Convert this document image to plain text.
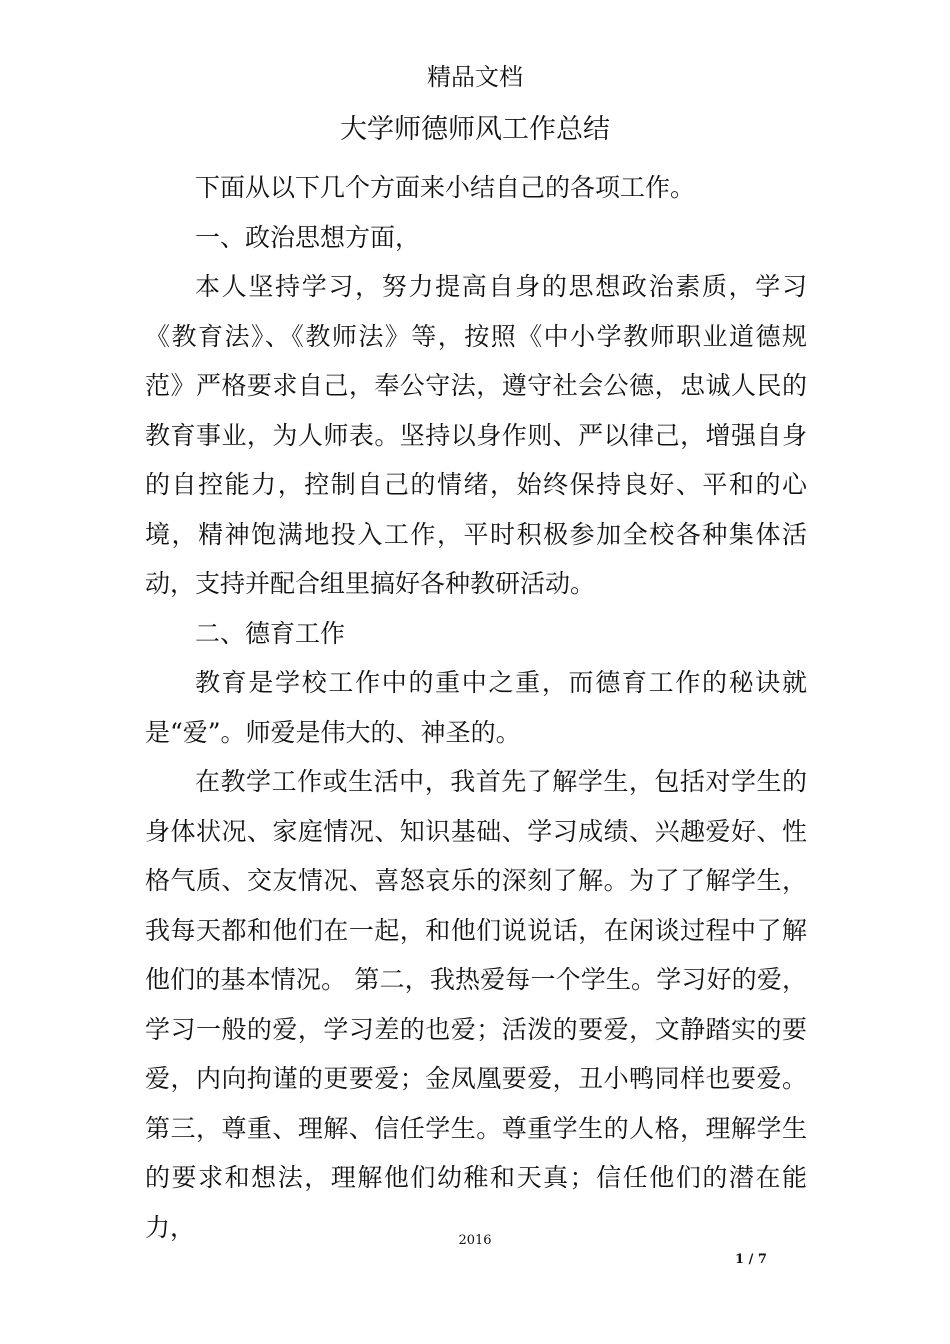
精品文档
大学师德师风工作总结

下面从以下几个方面来小结自己的各项工作。

一、政治思想方面，

本人坚持学习，努力提高自身的思想政治素质，学习《教育法》、《教师法》等，按照《中小学教师职业道德规范》严格要求自己，奉公守法，遵守社会公德，忠诚人民的教育事业，为人师表。坚持以身作则、严以律己，增强自身的自控能力，控制自己的情绪，始终保持良好、平和的心境，精神饱满地投入工作，平时积极参加全校各种集体活动，支持并配合组里搞好各种教研活动。

二、德育工作

教育是学校工作中的重中之重，而德育工作的秘诀就是“爱”。师爱是伟大的、神圣的。

在教学工作或生活中，我首先了解学生，包括对学生的身体状况、家庭情况、知识基础、学习成绩、兴趣爱好、性格气质、交友情况、喜怒哀乐的深刻了解。为了了解学生，我每天都和他们在一起，和他们说说话，在闲谈过程中了解他们的基本情况。 第二，我热爱每一个学生。学习好的爱，学习一般的爱，学习差的也爱；活泼的要爱，文静踏实的要爱，内向拘谨的更要爱；金凤凰要爱，丑小鸭同样也要爱。第三，尊重、理解、信任学生。尊重学生的人格，理解学生的要求和想法，理解他们幼稚和天真；信任他们的潜在能力，	2016
1 / 7
